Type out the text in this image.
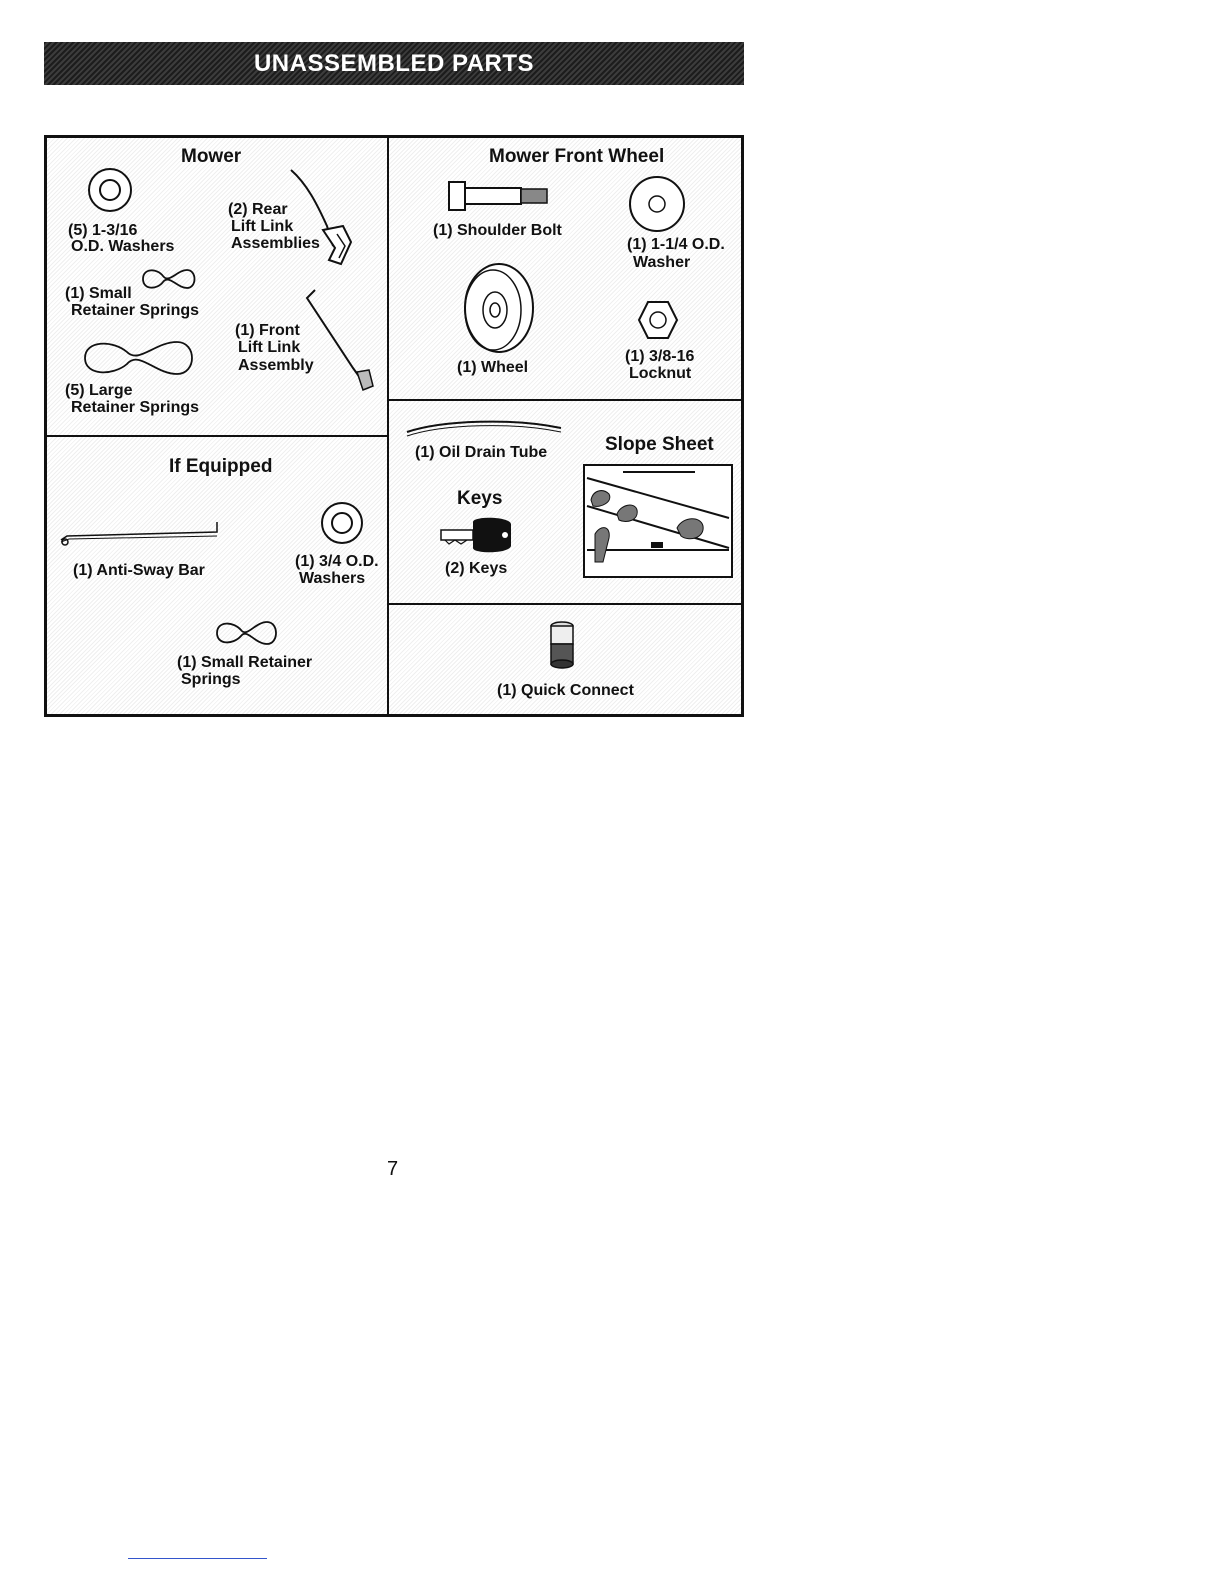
UNASSEMBLED PARTS
Mower
(5) 1-3/16
O.D. Washers
(2) Rear
Lift Link
Assemblies
(1) Small
Retainer Springs
(1) Front
Lift Link
Assembly
(5) Large
Retainer Springs
If Equipped
(1) Anti-Sway Bar
(1) 3/4 O.D.
Washers
(1) Small Retainer
Springs
Mower Front Wheel
(1) Shoulder Bolt
(1) 1-1/4 O.D.
Washer
(1) Wheel
(1) 3/8-16
Locknut
(1) Oil Drain Tube
Keys
(2) Keys
Slope Sheet
(1) Quick Connect
7
